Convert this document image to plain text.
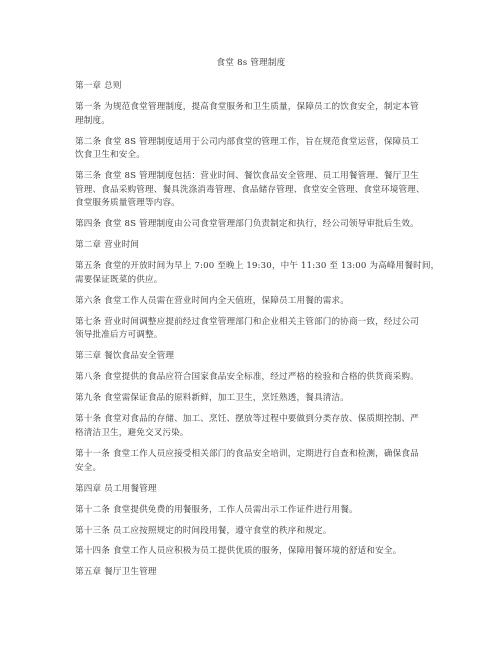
食堂 8s 管理制度
第一章 总则
第一条 为规范食堂管理制度，提高食堂服务和卫生质量，保障员工的饮食安全，制定本管
理制度。
第二条 食堂 8S 管理制度适用于公司内部食堂的管理工作，旨在规范食堂运营，保障员工
饮食卫生和安全。
第三条 食堂 8S 管理制度包括：营业时间、餐饮食品安全管理、员工用餐管理、餐厅卫生
管理、食品采购管理、餐具洗涤消毒管理、食品储存管理、食堂安全管理、食堂环境管理、
食堂服务质量管理等内容。
第四条 食堂 8S 管理制度由公司食堂管理部门负责制定和执行，经公司领导审批后生效。
第二章 营业时间
第五条 食堂的开放时间为早上 7:00 至晚上 19:30，中午 11:30 至 13:00 为高峰用餐时间，
需要保证既菜的供应。
第六条 食堂工作人员需在营业时间内全天值班，保障员工用餐的需求。
第七条 营业时间调整应提前经过食堂管理部门和企业相关主管部门的协商一致，经过公司
领导批准后方可调整。
第三章 餐饮食品安全管理
第八条 食堂提供的食品应符合国家食品安全标准，经过严格的检验和合格的供货商采购。
第九条 食堂需保证食品的原料新鲜，加工卫生，烹饪熟透，餐具清洁。
第十条 食堂对食品的存储、加工、烹饪、摆放等过程中要做到分类存放、保质期控制、严
格清洁卫生，避免交叉污染。
第十一条 食堂工作人员应接受相关部门的食品安全培训，定期进行自查和检测，确保食品
安全。
第四章 员工用餐管理
第十二条 食堂提供免费的用餐服务，工作人员需出示工作证件进行用餐。
第十三条 员工应按照规定的时间段用餐，遵守食堂的秩序和规定。
第十四条 食堂工作人员应积极为员工提供优质的服务，保障用餐环境的舒适和安全。
第五章 餐厅卫生管理
